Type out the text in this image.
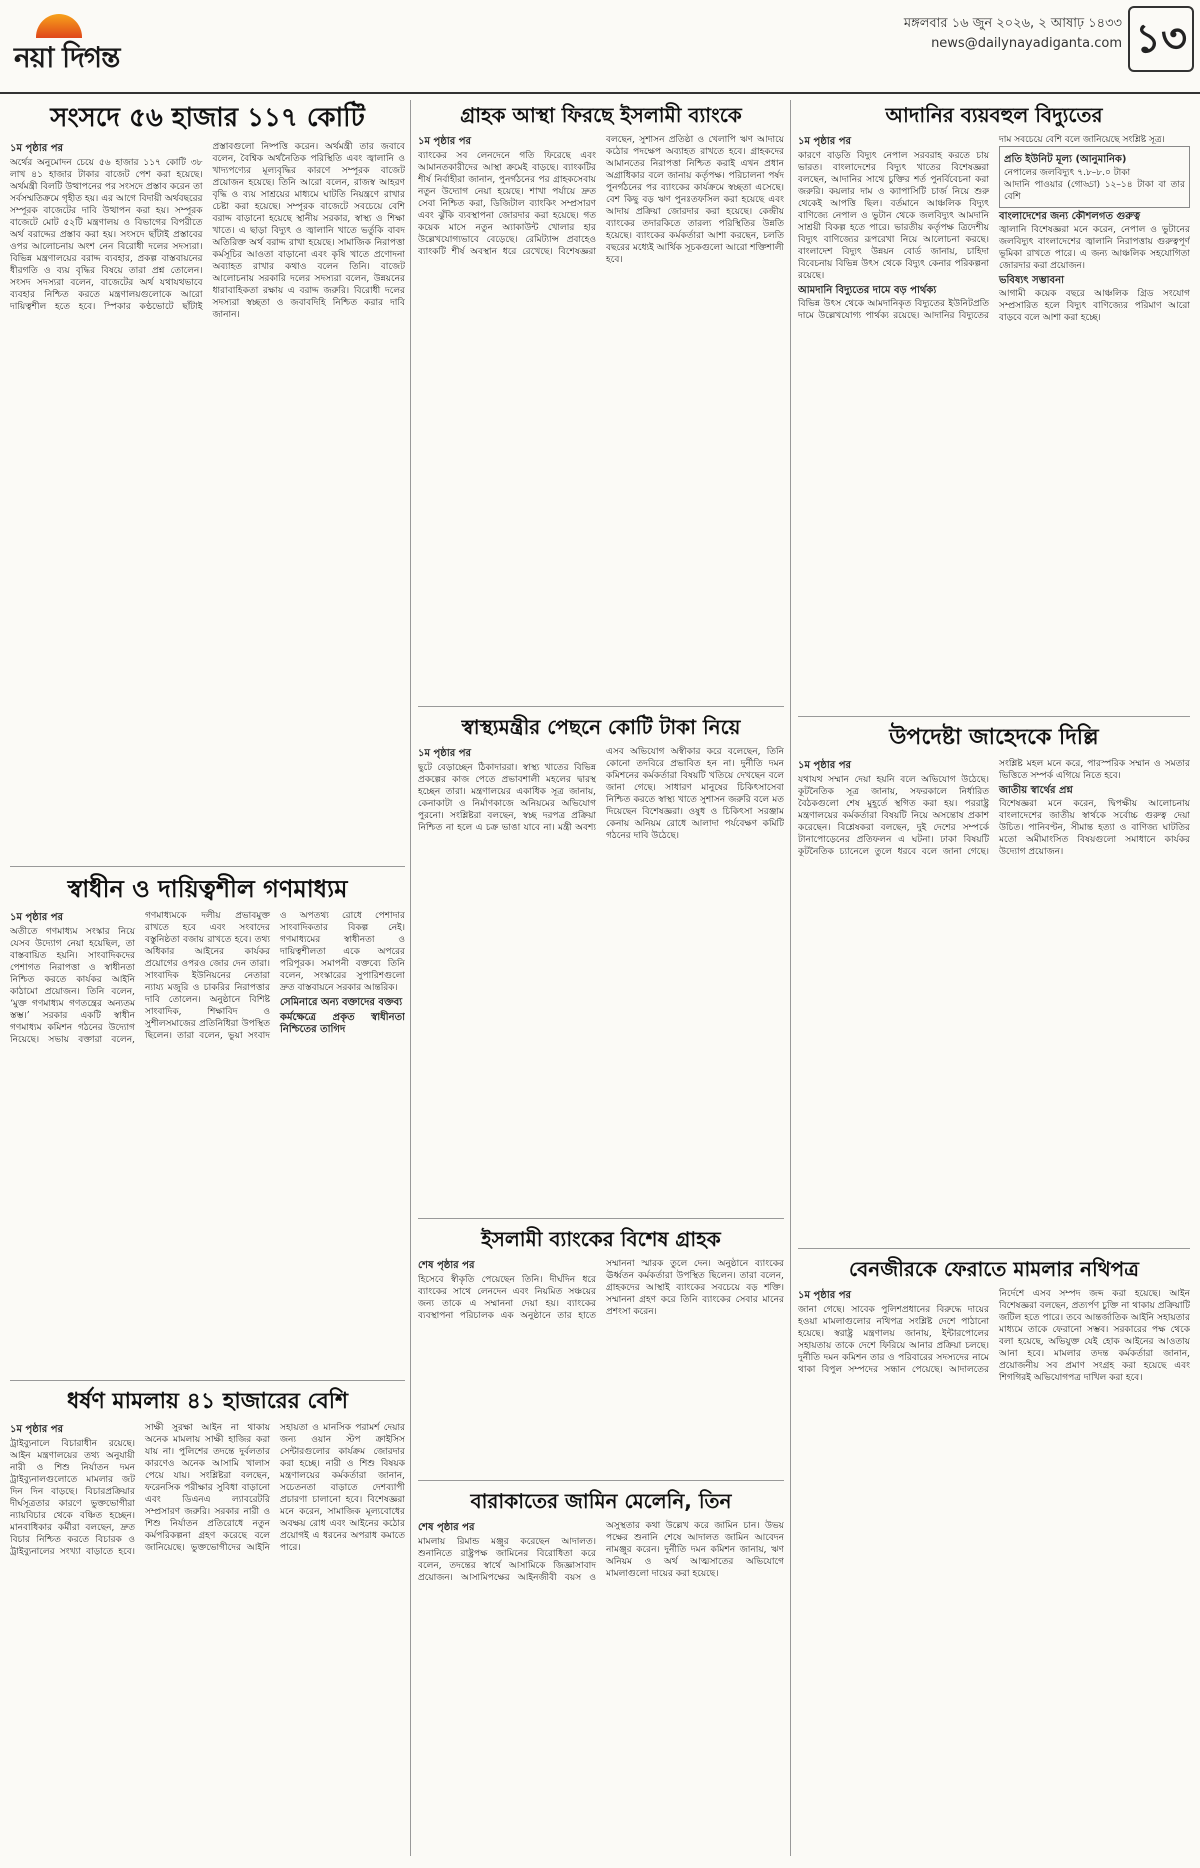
নয়া দিগন্ত
মঙ্গলবার ১৬ জুন ২০২৬, ২ আষাঢ় ১৪৩৩
news@dailynayadiganta.com ১৩
সংসদে ৫৬ হাজার ১১৭ কোটি
১ম পৃষ্ঠার পর
অর্থের অনুমোদন চেয়ে ৫৬ হাজার ১১৭ কোটি ৩৮ লাখ ৪১ হাজার টাকার বাজেট পেশ করা হয়েছে। অর্থমন্ত্রী বিলটি উত্থাপনের পর সংসদে প্রস্তাব করেন তা সর্বসম্মতিক্রমে গৃহীত হয়। এর আগে বিদায়ী অর্থবছরের সম্পূরক বাজেটের দাবি উত্থাপন করা হয়। সম্পূরক বাজেটে মোট ৫২টি মন্ত্রণালয় ও বিভাগের বিপরীতে অর্থ বরাদ্দের প্রস্তাব করা হয়। সংসদে ছাঁটাই প্রস্তাবের ওপর আলোচনায় অংশ নেন বিরোধী দলের সদস্যরা। বিভিন্ন মন্ত্রণালয়ের বরাদ্দ ব্যবহার, প্রকল্প বাস্তবায়নের ধীরগতি ও ব্যয় বৃদ্ধির বিষয়ে তারা প্রশ্ন তোলেন। সংসদ সদস্যরা বলেন, বাজেটের অর্থ যথাযথভাবে ব্যবহার নিশ্চিত করতে মন্ত্রণালয়গুলোকে আরো দায়িত্বশীল হতে হবে। স্পিকার কণ্ঠভোটে ছাঁটাই প্রস্তাবগুলো নিষ্পত্তি করেন। অর্থমন্ত্রী তার জবাবে বলেন, বৈশ্বিক অর্থনৈতিক পরিস্থিতি এবং জ্বালানি ও খাদ্যপণ্যের মূল্যবৃদ্ধির কারণে সম্পূরক বাজেট প্রয়োজন হয়েছে। তিনি আরো বলেন, রাজস্ব আহরণ বৃদ্ধি ও ব্যয় সাশ্রয়ের মাধ্যমে ঘাটতি নিয়ন্ত্রণে রাখার চেষ্টা করা হয়েছে। সম্পূরক বাজেটে সবচেয়ে বেশি বরাদ্দ বাড়ানো হয়েছে স্থানীয় সরকার, স্বাস্থ্য ও শিক্ষা খাতে। এ ছাড়া বিদ্যুৎ ও জ্বালানি খাতে ভর্তুকি বাবদ অতিরিক্ত অর্থ বরাদ্দ রাখা হয়েছে। সামাজিক নিরাপত্তা কর্মসূচির আওতা বাড়ানো এবং কৃষি খাতে প্রণোদনা অব্যাহত রাখার কথাও বলেন তিনি। বাজেট আলোচনায় সরকারি দলের সদস্যরা বলেন, উন্নয়নের ধারাবাহিকতা রক্ষায় এ বরাদ্দ জরুরি। বিরোধী দলের সদস্যরা স্বচ্ছতা ও জবাবদিহি নিশ্চিত করার দাবি জানান।
স্বাধীন ও দায়িত্বশীল গণমাধ্যম
১ম পৃষ্ঠার পর
অতীতে গণমাধ্যম সংস্কার নিয়ে যেসব উদ্যোগ নেয়া হয়েছিল, তা বাস্তবায়িত হয়নি। সাংবাদিকদের পেশাগত নিরাপত্তা ও স্বাধীনতা নিশ্চিত করতে কার্যকর আইনি কাঠামো প্রয়োজন। তিনি বলেন, ‘মুক্ত গণমাধ্যম গণতন্ত্রের অন্যতম স্তম্ভ।’ সরকার একটি স্বাধীন গণমাধ্যম কমিশন গঠনের উদ্যোগ নিয়েছে। সভায় বক্তারা বলেন, গণমাধ্যমকে দলীয় প্রভাবমুক্ত রাখতে হবে এবং সংবাদের বস্তুনিষ্ঠতা বজায় রাখতে হবে। তথ্য অধিকার আইনের কার্যকর প্রয়োগের ওপরও জোর দেন তারা। সাংবাদিক ইউনিয়নের নেতারা ন্যায্য মজুরি ও চাকরির নিরাপত্তার দাবি তোলেন। অনুষ্ঠানে বিশিষ্ট সাংবাদিক, শিক্ষাবিদ ও সুশীলসমাজের প্রতিনিধিরা উপস্থিত ছিলেন। তারা বলেন, ভুয়া সংবাদ ও অপতথ্য রোধে পেশাদার সাংবাদিকতার বিকল্প নেই। গণমাধ্যমের স্বাধীনতা ও দায়িত্বশীলতা একে অপরের পরিপূরক। সমাপনী বক্তব্যে তিনি বলেন, সংস্কারের সুপারিশগুলো দ্রুত বাস্তবায়নে সরকার আন্তরিক।
সেমিনারে অন্য বক্তাদের বক্তব্য
কর্মক্ষেত্রে প্রকৃত স্বাধীনতা নিশ্চিতের তাগিদ
ধর্ষণ মামলায় ৪১ হাজারের বেশি
১ম পৃষ্ঠার পর
ট্রাইব্যুনালে বিচারাধীন রয়েছে। আইন মন্ত্রণালয়ের তথ্য অনুযায়ী নারী ও শিশু নির্যাতন দমন ট্রাইব্যুনালগুলোতে মামলার জট দিন দিন বাড়ছে। বিচারপ্রক্রিয়ার দীর্ঘসূত্রতার কারণে ভুক্তভোগীরা ন্যায়বিচার থেকে বঞ্চিত হচ্ছেন। মানবাধিকার কর্মীরা বলছেন, দ্রুত বিচার নিশ্চিত করতে বিচারক ও ট্রাইব্যুনালের সংখ্যা বাড়াতে হবে। সাক্ষী সুরক্ষা আইন না থাকায় অনেক মামলায় সাক্ষী হাজির করা যায় না। পুলিশের তদন্তে দুর্বলতার কারণেও অনেক আসামি খালাস পেয়ে যায়। সংশ্লিষ্টরা বলছেন, ফরেনসিক পরীক্ষার সুবিধা বাড়ানো এবং ডিএনএ ল্যাবরেটরি সম্প্রসারণ জরুরি। সরকার নারী ও শিশু নির্যাতন প্রতিরোধে নতুন কর্মপরিকল্পনা গ্রহণ করেছে বলে জানিয়েছে। ভুক্তভোগীদের আইনি সহায়তা ও মানসিক পরামর্শ দেয়ার জন্য ওয়ান স্টপ ক্রাইসিস সেন্টারগুলোর কার্যক্রম জোরদার করা হচ্ছে। নারী ও শিশু বিষয়ক মন্ত্রণালয়ের কর্মকর্তারা জানান, সচেতনতা বাড়াতে দেশব্যাপী প্রচারণা চালানো হবে। বিশেষজ্ঞরা মনে করেন, সামাজিক মূল্যবোধের অবক্ষয় রোধ এবং আইনের কঠোর প্রয়োগই এ ধরনের অপরাধ কমাতে পারে।
গ্রাহক আস্থা ফিরছে ইসলামী ব্যাংকে
১ম পৃষ্ঠার পর
ব্যাংকের সব লেনদেনে গতি ফিরেছে এবং আমানতকারীদের আস্থা ক্রমেই বাড়ছে। ব্যাংকটির শীর্ষ নির্বাহীরা জানান, পুনর্গঠনের পর গ্রাহকসেবায় নতুন উদ্যোগ নেয়া হয়েছে। শাখা পর্যায়ে দ্রুত সেবা নিশ্চিত করা, ডিজিটাল ব্যাংকিং সম্প্রসারণ এবং ঝুঁকি ব্যবস্থাপনা জোরদার করা হয়েছে। গত কয়েক মাসে নতুন অ্যাকাউন্ট খোলার হার উল্লেখযোগ্যভাবে বেড়েছে। রেমিট্যান্স প্রবাহেও ব্যাংকটি শীর্ষ অবস্থান ধরে রেখেছে। বিশেষজ্ঞরা বলছেন, সুশাসন প্রতিষ্ঠা ও খেলাপি ঋণ আদায়ে কঠোর পদক্ষেপ অব্যাহত রাখতে হবে। গ্রাহকদের আমানতের নিরাপত্তা নিশ্চিত করাই এখন প্রধান অগ্রাধিকার বলে জানায় কর্তৃপক্ষ। পরিচালনা পর্ষদ পুনর্গঠনের পর ব্যাংকের কার্যক্রমে স্বচ্ছতা এসেছে। বেশ কিছু বড় ঋণ পুনঃতফসিল করা হয়েছে এবং আদায় প্রক্রিয়া জোরদার করা হয়েছে। কেন্দ্রীয় ব্যাংকের তদারকিতে তারল্য পরিস্থিতির উন্নতি হয়েছে। ব্যাংকের কর্মকর্তারা আশা করছেন, চলতি বছরের মধ্যেই আর্থিক সূচকগুলো আরো শক্তিশালী হবে।
স্বাস্থ্যমন্ত্রীর পেছনে কোটি টাকা নিয়ে
১ম পৃষ্ঠার পর
ছুটে বেড়াচ্ছেন ঠিকাদাররা। স্বাস্থ্য খাতের বিভিন্ন প্রকল্পের কাজ পেতে প্রভাবশালী মহলের দ্বারস্থ হচ্ছেন তারা। মন্ত্রণালয়ের একাধিক সূত্র জানায়, কেনাকাটা ও নির্মাণকাজে অনিয়মের অভিযোগ পুরনো। সংশ্লিষ্টরা বলছেন, স্বচ্ছ দরপত্র প্রক্রিয়া নিশ্চিত না হলে এ চক্র ভাঙা যাবে না। মন্ত্রী অবশ্য এসব অভিযোগ অস্বীকার করে বলেছেন, তিনি কোনো তদবিরে প্রভাবিত হন না। দুর্নীতি দমন কমিশনের কর্মকর্তারা বিষয়টি খতিয়ে দেখছেন বলে জানা গেছে। সাধারণ মানুষের চিকিৎসাসেবা নিশ্চিত করতে স্বাস্থ্য খাতে সুশাসন জরুরি বলে মত দিয়েছেন বিশেষজ্ঞরা। ওষুধ ও চিকিৎসা সরঞ্জাম কেনায় অনিয়ম রোধে আলাদা পর্যবেক্ষণ কমিটি গঠনের দাবি উঠেছে।
ইসলামী ব্যাংকের বিশেষ গ্রাহক
শেষ পৃষ্ঠার পর
হিসেবে স্বীকৃতি পেয়েছেন তিনি। দীর্ঘদিন ধরে ব্যাংকের সাথে লেনদেন এবং নিয়মিত সঞ্চয়ের জন্য তাকে এ সম্মাননা দেয়া হয়। ব্যাংকের ব্যবস্থাপনা পরিচালক এক অনুষ্ঠানে তার হাতে সম্মাননা স্মারক তুলে দেন। অনুষ্ঠানে ব্যাংকের ঊর্ধ্বতন কর্মকর্তারা উপস্থিত ছিলেন। তারা বলেন, গ্রাহকদের আস্থাই ব্যাংকের সবচেয়ে বড় শক্তি। সম্মাননা গ্রহণ করে তিনি ব্যাংকের সেবার মানের প্রশংসা করেন।
বারাকাতের জামিন মেলেনি, তিন
শেষ পৃষ্ঠার পর
মামলায় রিমান্ড মঞ্জুর করেছেন আদালত। শুনানিতে রাষ্ট্রপক্ষ জামিনের বিরোধিতা করে বলেন, তদন্তের স্বার্থে আসামিকে জিজ্ঞাসাবাদ প্রয়োজন। আসামিপক্ষের আইনজীবী বয়স ও অসুস্থতার কথা উল্লেখ করে জামিন চান। উভয় পক্ষের শুনানি শেষে আদালত জামিন আবেদন নামঞ্জুর করেন। দুর্নীতি দমন কমিশন জানায়, ঋণ অনিয়ম ও অর্থ আত্মসাতের অভিযোগে মামলাগুলো দায়ের করা হয়েছে।
আদানির ব্যয়বহুল বিদ্যুতের
১ম পৃষ্ঠার পর
কারণে বাড়তি বিদ্যুৎ নেপাল সরবরাহ করতে চায় ভারত। বাংলাদেশের বিদ্যুৎ খাতের বিশেষজ্ঞরা বলছেন, আদানির সাথে চুক্তির শর্ত পুনর্বিবেচনা করা জরুরি। কয়লার দাম ও ক্যাপাসিটি চার্জ নিয়ে শুরু থেকেই আপত্তি ছিল। বর্তমানে আঞ্চলিক বিদ্যুৎ বাণিজ্যে নেপাল ও ভুটান থেকে জলবিদ্যুৎ আমদানি সাশ্রয়ী বিকল্প হতে পারে। ভারতীয় কর্তৃপক্ষ ত্রিদেশীয় বিদ্যুৎ বাণিজ্যের রূপরেখা নিয়ে আলোচনা করছে। বাংলাদেশ বিদ্যুৎ উন্নয়ন বোর্ড জানায়, চাহিদা বিবেচনায় বিভিন্ন উৎস থেকে বিদ্যুৎ কেনার পরিকল্পনা রয়েছে।
আমদানি বিদ্যুতের দামে বড় পার্থক্য
বিভিন্ন উৎস থেকে আমদানিকৃত বিদ্যুতের ইউনিটপ্রতি দামে উল্লেখযোগ্য পার্থক্য রয়েছে। আদানির বিদ্যুতের দাম সবচেয়ে বেশি বলে জানিয়েছে সংশ্লিষ্ট সূত্র।
প্রতি ইউনিট মূল্য (আনুমানিক)
নেপালের জলবিদ্যুৎ ৭.৮–৮.০ টাকা
আদানি পাওয়ার (গোড্ডা) ১২–১৪ টাকা বা তার বেশি
বাংলাদেশের জন্য কৌশলগত গুরুত্ব
জ্বালানি বিশেষজ্ঞরা মনে করেন, নেপাল ও ভুটানের জলবিদ্যুৎ বাংলাদেশের জ্বালানি নিরাপত্তায় গুরুত্বপূর্ণ ভূমিকা রাখতে পারে। এ জন্য আঞ্চলিক সহযোগিতা জোরদার করা প্রয়োজন।
ভবিষ্যৎ সম্ভাবনা
আগামী কয়েক বছরে আঞ্চলিক গ্রিড সংযোগ সম্প্রসারিত হলে বিদ্যুৎ বাণিজ্যের পরিমাণ আরো বাড়বে বলে আশা করা হচ্ছে।
উপদেষ্টা জাহেদকে দিল্লি
১ম পৃষ্ঠার পর
যথাযথ সম্মান দেয়া হয়নি বলে অভিযোগ উঠেছে। কূটনৈতিক সূত্র জানায়, সফরকালে নির্ধারিত বৈঠকগুলো শেষ মুহূর্তে স্থগিত করা হয়। পররাষ্ট্র মন্ত্রণালয়ের কর্মকর্তারা বিষয়টি নিয়ে অসন্তোষ প্রকাশ করেছেন। বিশ্লেষকরা বলছেন, দুই দেশের সম্পর্কে টানাপোড়েনের প্রতিফলন এ ঘটনা। ঢাকা বিষয়টি কূটনৈতিক চ্যানেলে তুলে ধরবে বলে জানা গেছে। সংশ্লিষ্ট মহল মনে করে, পারস্পরিক সম্মান ও সমতার ভিত্তিতে সম্পর্ক এগিয়ে নিতে হবে।
জাতীয় স্বার্থের প্রশ্ন
বিশেষজ্ঞরা মনে করেন, দ্বিপক্ষীয় আলোচনায় বাংলাদেশের জাতীয় স্বার্থকে সর্বোচ্চ গুরুত্ব দেয়া উচিত। পানিবণ্টন, সীমান্ত হত্যা ও বাণিজ্য ঘাটতির মতো অমীমাংসিত বিষয়গুলো সমাধানে কার্যকর উদ্যোগ প্রয়োজন।
বেনজীরকে ফেরাতে মামলার নথিপত্র
১ম পৃষ্ঠার পর
জানা গেছে। সাবেক পুলিশপ্রধানের বিরুদ্ধে দায়ের হওয়া মামলাগুলোর নথিপত্র সংশ্লিষ্ট দেশে পাঠানো হয়েছে। স্বরাষ্ট্র মন্ত্রণালয় জানায়, ইন্টারপোলের সহায়তায় তাকে দেশে ফিরিয়ে আনার প্রক্রিয়া চলছে। দুর্নীতি দমন কমিশন তার ও পরিবারের সদস্যদের নামে থাকা বিপুল সম্পদের সন্ধান পেয়েছে। আদালতের নির্দেশে এসব সম্পদ জব্দ করা হয়েছে। আইন বিশেষজ্ঞরা বলছেন, প্রত্যর্পণ চুক্তি না থাকায় প্রক্রিয়াটি জটিল হতে পারে। তবে আন্তর্জাতিক আইনি সহায়তার মাধ্যমে তাকে ফেরানো সম্ভব। সরকারের পক্ষ থেকে বলা হয়েছে, অভিযুক্ত যেই হোক আইনের আওতায় আনা হবে। মামলার তদন্ত কর্মকর্তারা জানান, প্রয়োজনীয় সব প্রমাণ সংগ্রহ করা হয়েছে এবং শিগগিরই অভিযোগপত্র দাখিল করা হবে।
